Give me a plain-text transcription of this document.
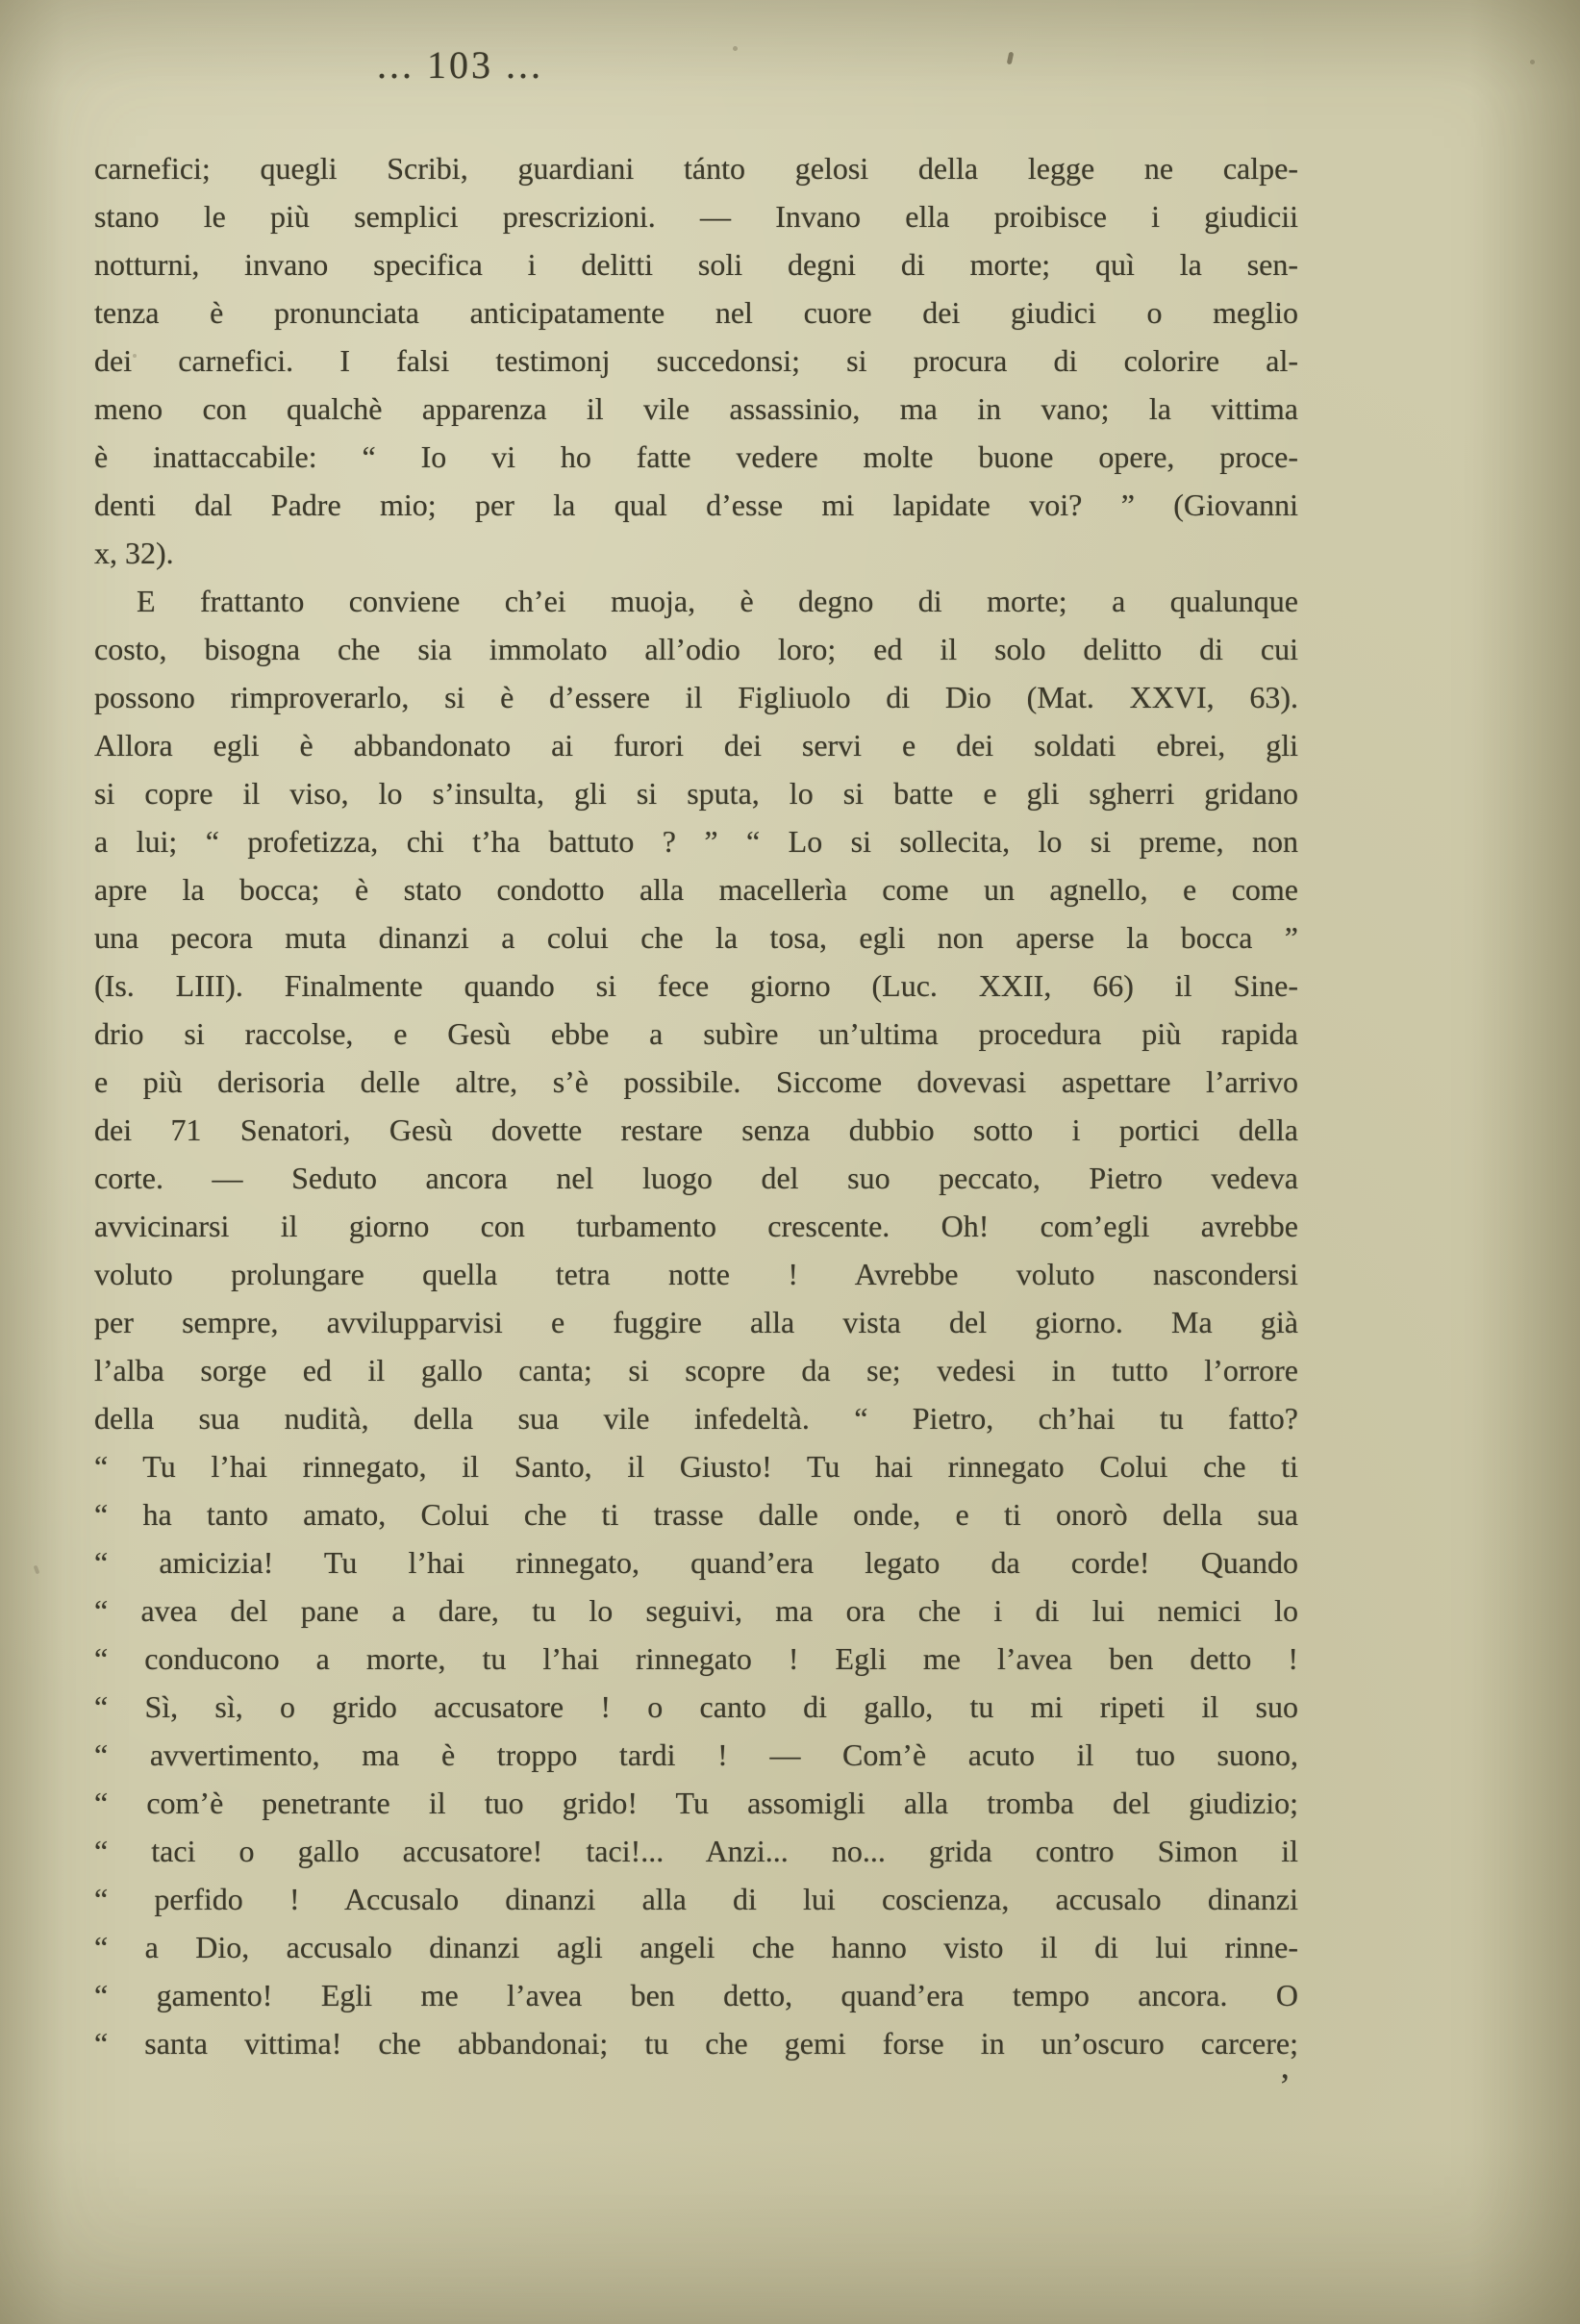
... 103 ...
carnefici; quegli Scribi, guardiani tánto gelosi della legge ne calpe-
stano le più semplici prescrizioni. — Invano ella proibisce i giudicii
notturni, invano specifica i delitti soli degni di morte; quì la sen-
tenza è pronunciata anticipatamente nel cuore dei giudici o meglio
dei carnefici. I falsi testimonj succedonsi; si procura di colorire al-
meno con qualchè apparenza il vile assassinio, ma in vano; la vittima
è inattaccabile: “ Io vi ho fatte vedere molte buone opere, proce-
denti dal Padre mio; per la qual d’esse mi lapidate voi? ” (Giovanni
x, 32).
E frattanto conviene ch’ei muoja, è degno di morte; a qualunque
costo, bisogna che sia immolato all’odio loro; ed il solo delitto di cui
possono rimproverarlo, si è d’essere il Figliuolo di Dio (Mat. XXVI, 63).
Allora egli è abbandonato ai furori dei servi e dei soldati ebrei, gli
si copre il viso, lo s’insulta, gli si sputa, lo si batte e gli sgherri gridano
a lui; “ profetizza, chi t’ha battuto ? ” “ Lo si sollecita, lo si preme, non
apre la bocca; è stato condotto alla macellerìa come un agnello, e come
una pecora muta dinanzi a colui che la tosa, egli non aperse la bocca ”
(Is. LIII). Finalmente quando si fece giorno (Luc. XXII, 66) il Sine-
drio si raccolse, e Gesù ebbe a subìre un’ultima procedura più rapida
e più derisoria delle altre, s’è possibile. Siccome dovevasi aspettare l’arrivo
dei 71 Senatori, Gesù dovette restare senza dubbio sotto i portici della
corte. — Seduto ancora nel luogo del suo peccato, Pietro vedeva
avvicinarsi il giorno con turbamento crescente. Oh! com’egli avrebbe
voluto prolungare quella tetra notte ! Avrebbe voluto nascondersi
per sempre, avvilupparvisi e fuggire alla vista del giorno. Ma già
l’alba sorge ed il gallo canta; si scopre da se; vedesi in tutto l’orrore
della sua nudità, della sua vile infedeltà. “ Pietro, ch’hai tu fatto?
“ Tu l’hai rinnegato, il Santo, il Giusto! Tu hai rinnegato Colui che ti
“ ha tanto amato, Colui che ti trasse dalle onde, e ti onorò della sua
“ amicizia! Tu l’hai rinnegato, quand’era legato da corde! Quando
“ avea del pane a dare, tu lo seguivi, ma ora che i di lui nemici lo
“ conducono a morte, tu l’hai rinnegato ! Egli me l’avea ben detto !
“ Sì, sì, o grido accusatore ! o canto di gallo, tu mi ripeti il suo
“ avvertimento, ma è troppo tardi ! — Com’è acuto il tuo suono,
“ com’è penetrante il tuo grido! Tu assomigli alla tromba del giudizio;
“ taci o gallo accusatore! taci!... Anzi... no... grida contro Simon il
“ perfido ! Accusalo dinanzi alla di lui coscienza, accusalo dinanzi
“ a Dio, accusalo dinanzi agli angeli che hanno visto il di lui rinne-
“ gamento! Egli me l’avea ben detto, quand’era tempo ancora. O
“ santa vittima! che abbandonai; tu che gemi forse in un’oscuro carcere;
’
